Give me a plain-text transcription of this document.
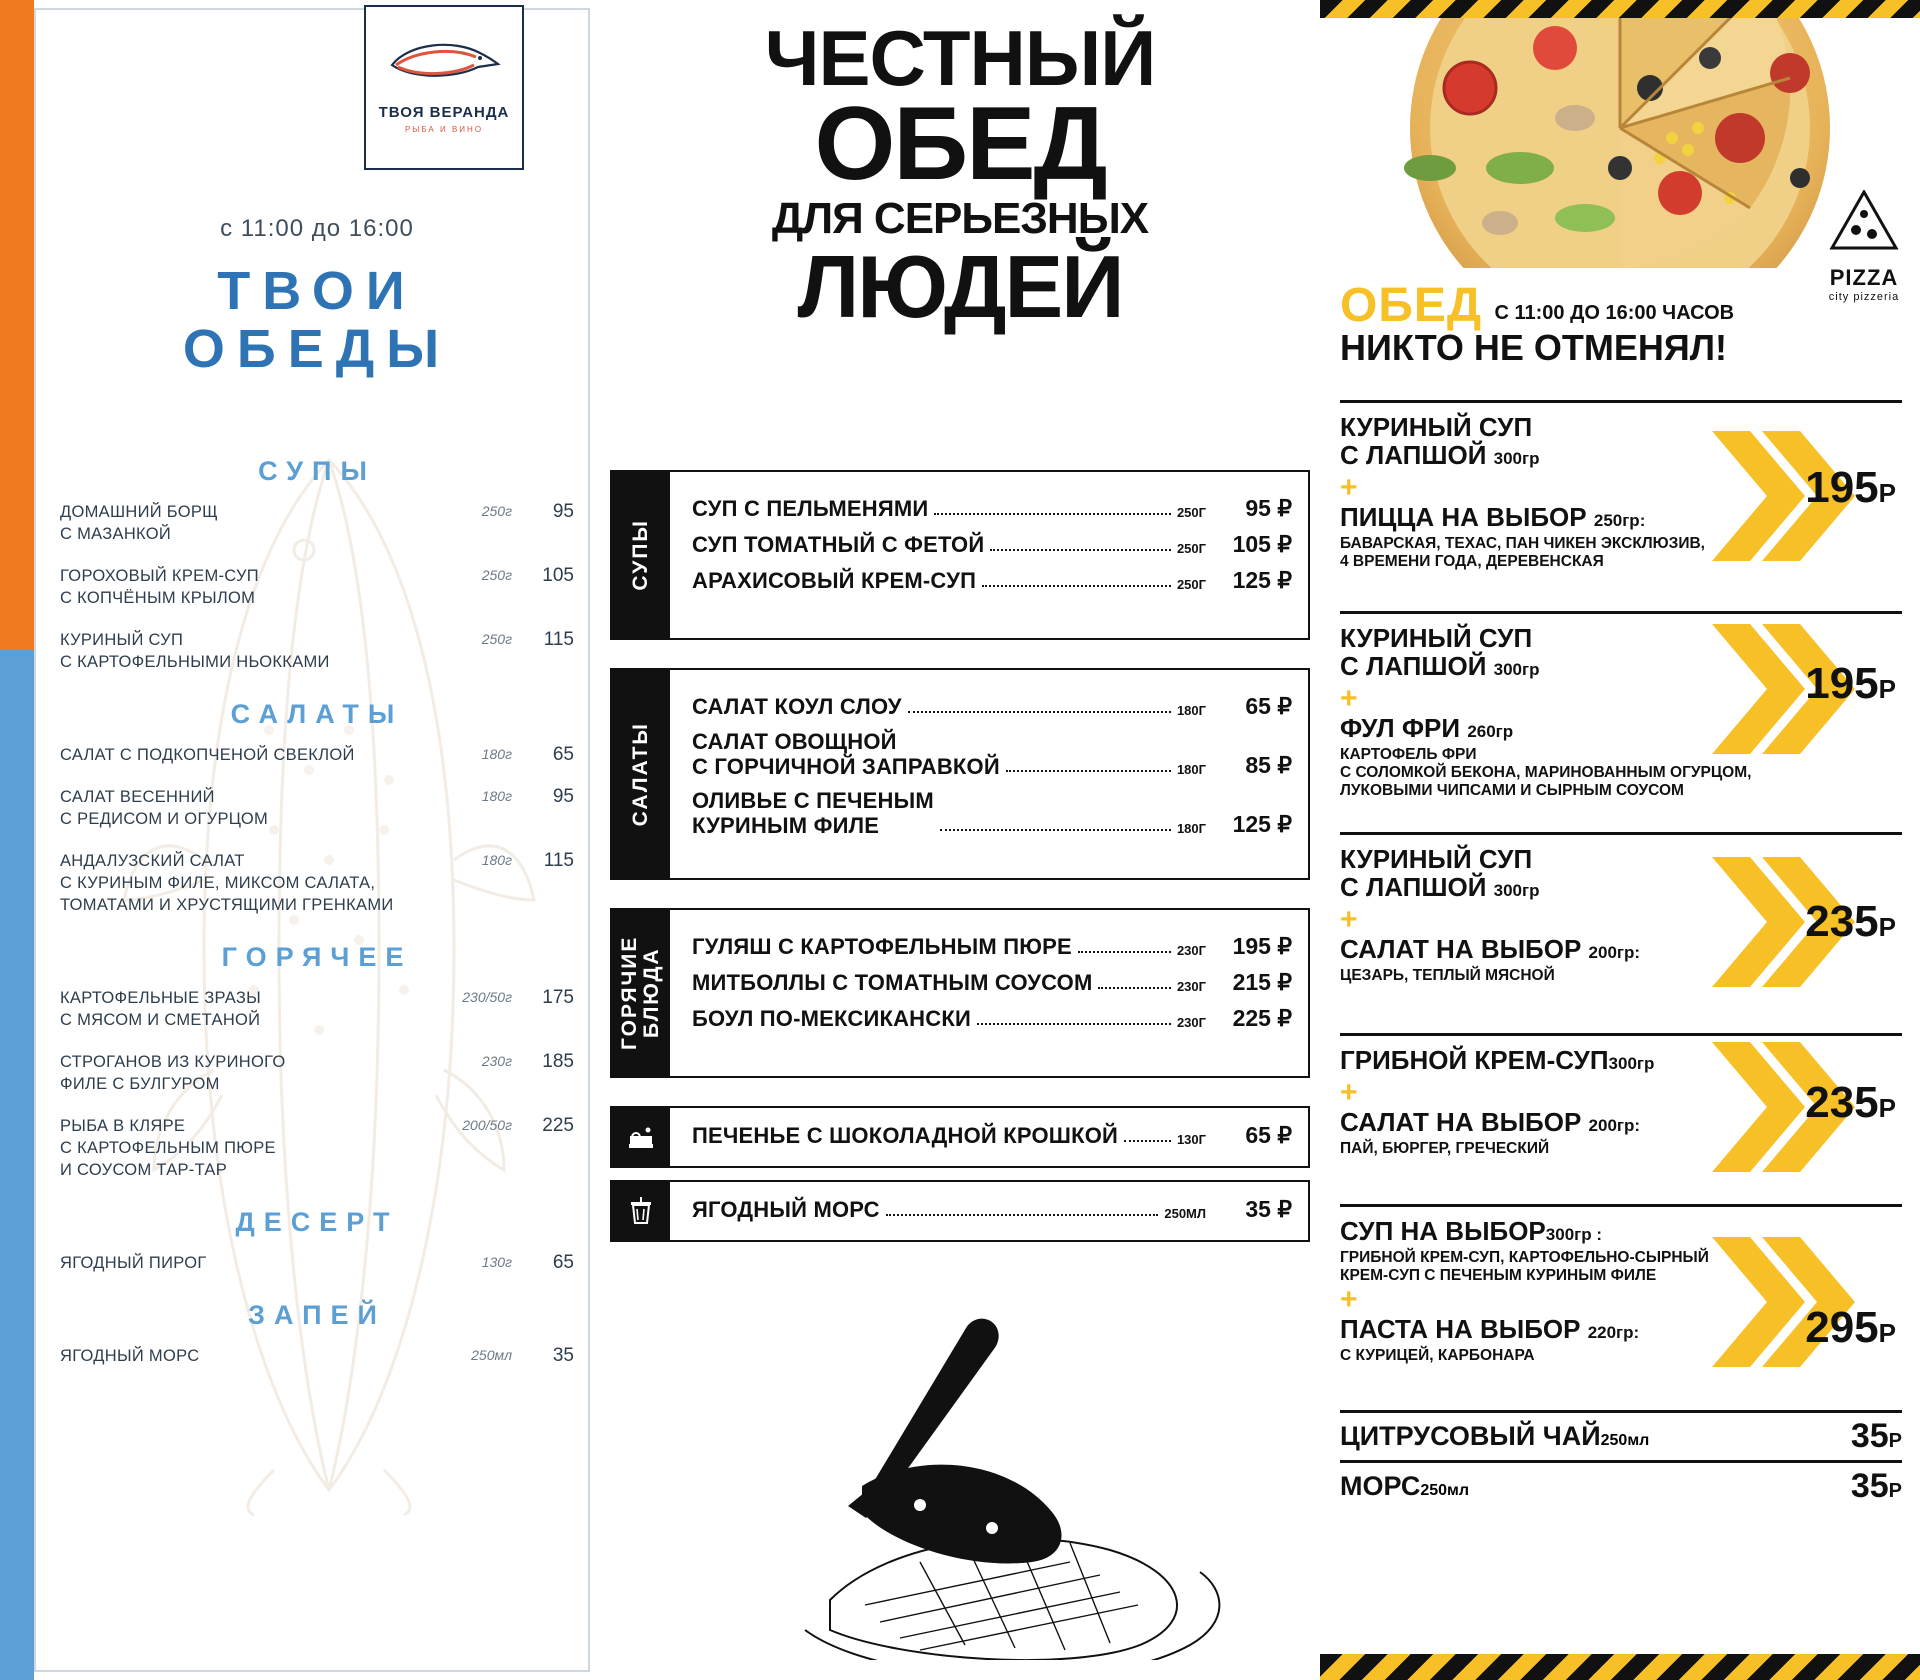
ТВОЯ ВЕРАНДА
РЫБА И ВИНО
с 11:00 до 16:00
ТВОИ
ОБЕДЫ
СУПЫ
ДОМАШНИЙ БОРЩ
С МАЗАНКОЙ
250г	95
ГОРОХОВЫЙ КРЕМ-СУП
С КОПЧЁНЫМ КРЫЛОМ
250г	105
КУРИНЫЙ СУП
С КАРТОФЕЛЬНЫМИ НЬОККАМИ
250г	115
САЛАТЫ
САЛАТ С ПОДКОПЧЕНОЙ СВЕКЛОЙ	180г	65
САЛАТ ВЕСЕННИЙ
С РЕДИСОМ И ОГУРЦОМ
180г	95
АНДАЛУЗСКИЙ САЛАТ
С КУРИНЫМ ФИЛЕ, МИКСОМ САЛАТА,
ТОМАТАМИ И ХРУСТЯЩИМИ ГРЕНКАМИ
180г	115
ГОРЯЧЕЕ
КАРТОФЕЛЬНЫЕ ЗРАЗЫ
С МЯСОМ И СМЕТАНОЙ
230/50г	175
СТРОГАНОВ ИЗ КУРИНОГО
ФИЛЕ С БУЛГУРОМ
230г	185
РЫБА В КЛЯРЕ
С КАРТОФЕЛЬНЫМ ПЮРЕ
И СОУСОМ ТАР-ТАР
200/50г	225
ДЕСЕРТ
ЯГОДНЫЙ ПИРОГ	130г	65
ЗАПЕЙ
ЯГОДНЫЙ МОРС	250мл	35
ЧЕСТНЫЙ
ОБЕД
ДЛЯ СЕРЬЕЗНЫХ
ЛЮДЕЙ
СУПЫ
СУП С ПЕЛЬМЕНЯМИ	250Г	95 ₽
СУП ТОМАТНЫЙ С ФЕТОЙ	250Г	105 ₽
АРАХИСОВЫЙ КРЕМ-СУП	250Г	125 ₽
САЛАТЫ
САЛАТ КОУЛ СЛОУ	180Г	65 ₽
САЛАТ ОВОЩНОЙ
С ГОРЧИЧНОЙ ЗАПРАВКОЙ	180Г	85 ₽
ОЛИВЬЕ С ПЕЧЕНЫМ
КУРИНЫМ ФИЛЕ	180Г	125 ₽
ГОРЯЧИЕ БЛЮДА
ГУЛЯШ С КАРТОФЕЛЬНЫМ ПЮРЕ	230Г	195 ₽
МИТБОЛЛЫ С ТОМАТНЫМ СОУСОМ	230Г	215 ₽
БОУЛ ПО-МЕКСИКАНСКИ	230Г	225 ₽
ПЕЧЕНЬЕ С ШОКОЛАДНОЙ КРОШКОЙ	130Г	65 ₽
ЯГОДНЫЙ МОРС	250МЛ	35 ₽
PIZZA
city pizzeria
ОБЕД С 11:00 ДО 16:00 ЧАСОВ
НИКТО НЕ ОТМЕНЯЛ!
КУРИНЫЙ СУП
С ЛАПШОЙ 300гр
+
ПИЦЦА НА ВЫБОР 250гр:
БАВАРСКАЯ, ТЕХАС, ПАН ЧИКЕН ЭКСКЛЮЗИВ,
4 ВРЕМЕНИ ГОДА, ДЕРЕВЕНСКАЯ
195Р
КУРИНЫЙ СУП
С ЛАПШОЙ 300гр
+
ФУЛ ФРИ 260гр
КАРТОФЕЛЬ ФРИ
С СОЛОМКОЙ БЕКОНА, МАРИНОВАННЫМ ОГУРЦОМ,
ЛУКОВЫМИ ЧИПСАМИ И СЫРНЫМ СОУСОМ
195Р
КУРИНЫЙ СУП
С ЛАПШОЙ 300гр
+
САЛАТ НА ВЫБОР 200гр:
ЦЕЗАРЬ, ТЕПЛЫЙ МЯСНОЙ
235Р
ГРИБНОЙ КРЕМ-СУП300гр
+
САЛАТ НА ВЫБОР 200гр:
ПАЙ, БЮРГЕР, ГРЕЧЕСКИЙ
235Р
СУП НА ВЫБОР300гр :
ГРИБНОЙ КРЕМ-СУП, КАРТОФЕЛЬНО-СЫРНЫЙ
КРЕМ-СУП С ПЕЧЕНЫМ КУРИНЫМ ФИЛЕ
+
ПАСТА НА ВЫБОР 220гр:
С КУРИЦЕЙ, КАРБОНАРА
295Р
ЦИТРУСОВЫЙ ЧАЙ250мл	35Р
МОРС250мл	35Р
